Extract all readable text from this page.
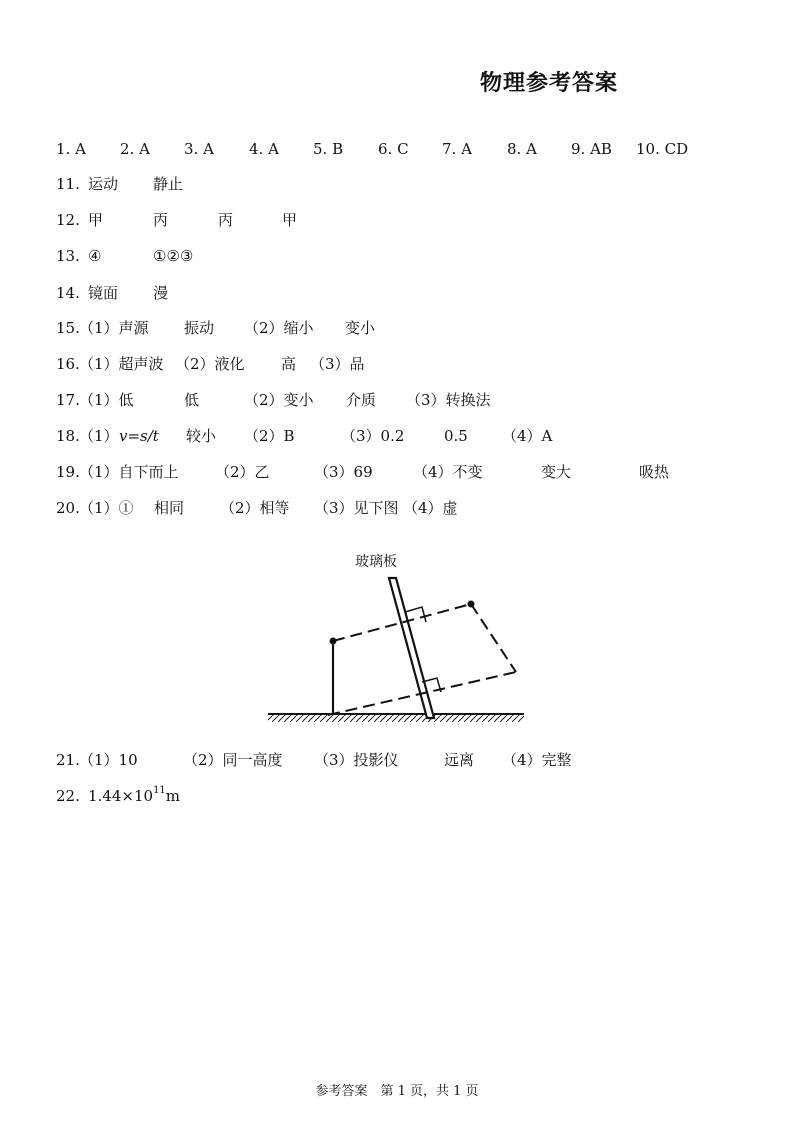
物理参考答案
1. A 2. A 3. A 4. A 5. B 6. C 7. A 8. A 9. AB 10. CD
11. 运动 静止
12. 甲	丙	丙	甲
13. ④	①②③
14. 镜面 漫
15. （1）声源 振动 （2）缩小 变小
16. （1）超声波 （2）液化 高 （3）品
17. （1）低	低	（2）变小 介质 （3）转换法
18. （1） v=s/t 较小 （2）B	（3）0.2	0.5 （4）A
19. （1）自下而上 （2）乙	（3）69	（4）不变	变大	吸热
20. （1）① 相同 （2）相等 （3）见下图 （4）虚
玻璃板
21. （1）10	（2）同一高度 （3）投影仪	远离 （4）完整
22. $1.44\times 10^{11}m$
参考答案　第 1 页，共 1 页
